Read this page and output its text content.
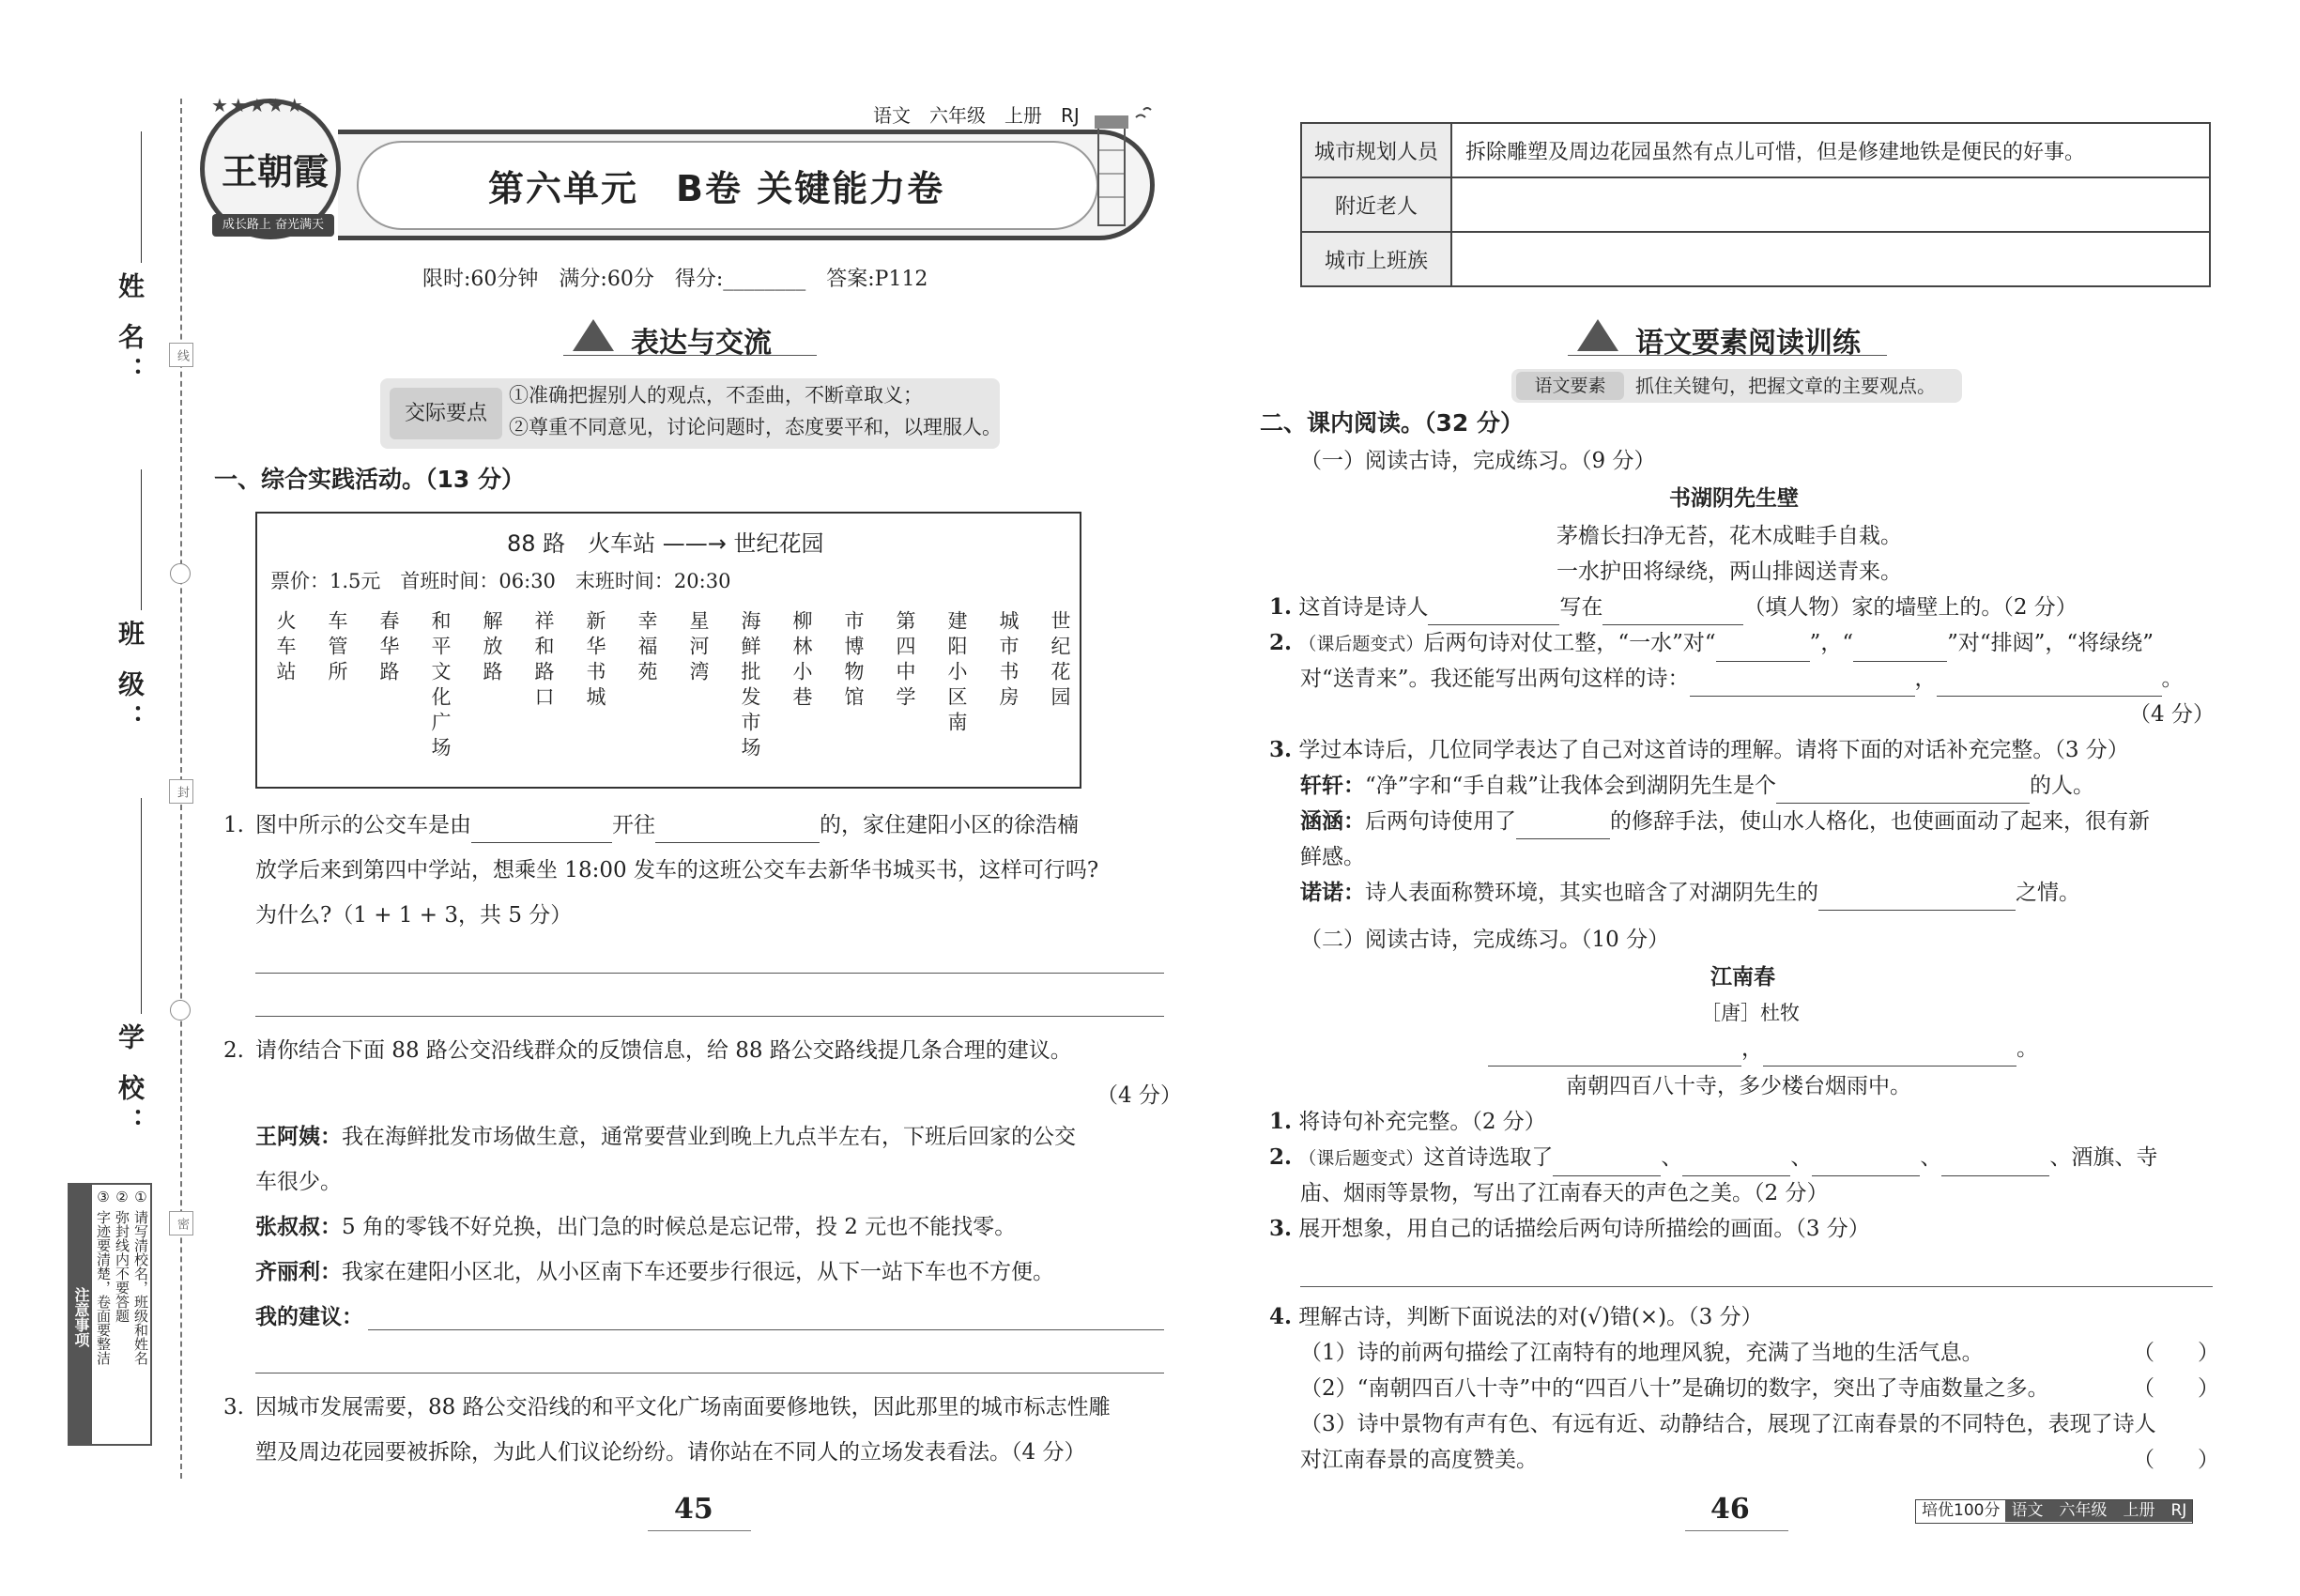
姓 名：
班 级：
学 校：
线
封
密
注意事项	① 请写清校名，班级和姓名
② 弥封线内不要答题
③ 字迹要清楚，卷面要整洁
王朝霞
成长路上 奋光满天
★★★★★	语文　六年级　上册　RJ
第六单元　B卷 关键能力卷
限时:60分钟　满分:60分　得分:________　答案:P112
表达与交流
交际要点
①准确把握别人的观点，不歪曲，不断章取义；
②尊重不同意见，讨论问题时，态度要平和，以理服人。
一、综合实践活动。（13 分）
88 路　火车站 ——→ 世纪花园
票价：1.5元　首班时间：06:30　末班时间：20:30
火车站 车管所 春华路 和平文化广场 解放路 祥和路口 新华书城 幸福苑 星河湾 海鲜批发市场 柳林小巷 市博物馆 第四中学 建阳小区南 城市书房 世纪花园
1. 图中所示的公交车是由	开往	的，家住建阳小区的徐浩楠
放学后来到第四中学站，想乘坐 18:00 发车的这班公交车去新华书城买书，这样可行吗?
为什么?（1 + 1 + 3，共 5 分）
2. 请你结合下面 88 路公交沿线群众的反馈信息，给 88 路公交路线提几条合理的建议。
（4 分）
王阿姨：我在海鲜批发市场做生意，通常要营业到晚上九点半左右，下班后回家的公交
车很少。
张叔叔：5 角的零钱不好兑换，出门急的时候总是忘记带，投 2 元也不能找零。
齐丽利：我家在建阳小区北，从小区南下车还要步行很远，从下一站下车也不方便。
我的建议：
3. 因城市发展需要，88 路公交沿线的和平文化广场南面要修地铁，因此那里的城市标志性雕
塑及周边花园要被拆除，为此人们议论纷纷。请你站在不同人的立场发表看法。（4 分）
45
城市规划人员	拆除雕塑及周边花园虽然有点儿可惜，但是修建地铁是便民的好事。
附近老人	
城市上班族	
语文要素阅读训练
语文要素	抓住关键句，把握文章的主要观点。
二、课内阅读。（32 分）
（一）阅读古诗，完成练习。（9 分）
书湖阴先生壁
茅檐长扫净无苔，花木成畦手自栽。
一水护田将绿绕，两山排闼送青来。
1. 这首诗是诗人	写在	（填人物）家的墙壁上的。（2 分）
2. （课后题变式）后两句诗对仗工整，“一水”对“	”，“	”对“排闼”，“将绿绕”
对“送青来”。我还能写出两句这样的诗：	，	。
（4 分）
3. 学过本诗后，几位同学表达了自己对这首诗的理解。请将下面的对话补充完整。（3 分）
轩轩：“净”字和“手自栽”让我体会到湖阴先生是个	的人。
涵涵：后两句诗使用了	的修辞手法，使山水人格化，也使画面动了起来，很有新
鲜感。
诺诺：诗人表面称赞环境，其实也暗含了对湖阴先生的	之情。
（二）阅读古诗，完成练习。（10 分）
江南春
［唐］杜牧
，	。
南朝四百八十寺，多少楼台烟雨中。
1. 将诗句补充完整。（2 分）
2. （课后题变式）这首诗选取了	、	、	、	、酒旗、寺
庙、烟雨等景物，写出了江南春天的声色之美。（2 分）
3. 展开想象，用自己的话描绘后两句诗所描绘的画面。（3 分）
4. 理解古诗，判断下面说法的对(√)错(×)。（3 分）
（1）诗的前两句描绘了江南特有的地理风貌，充满了当地的生活气息。	（　　）
（2）“南朝四百八十寺”中的“四百八十”是确切的数字，突出了寺庙数量之多。	（　　）
（3）诗中景物有声有色、有远有近、动静结合，展现了江南春景的不同特色，表现了诗人
对江南春景的高度赞美。	（　　）
46	培优100分 语文　六年级　上册　RJ
